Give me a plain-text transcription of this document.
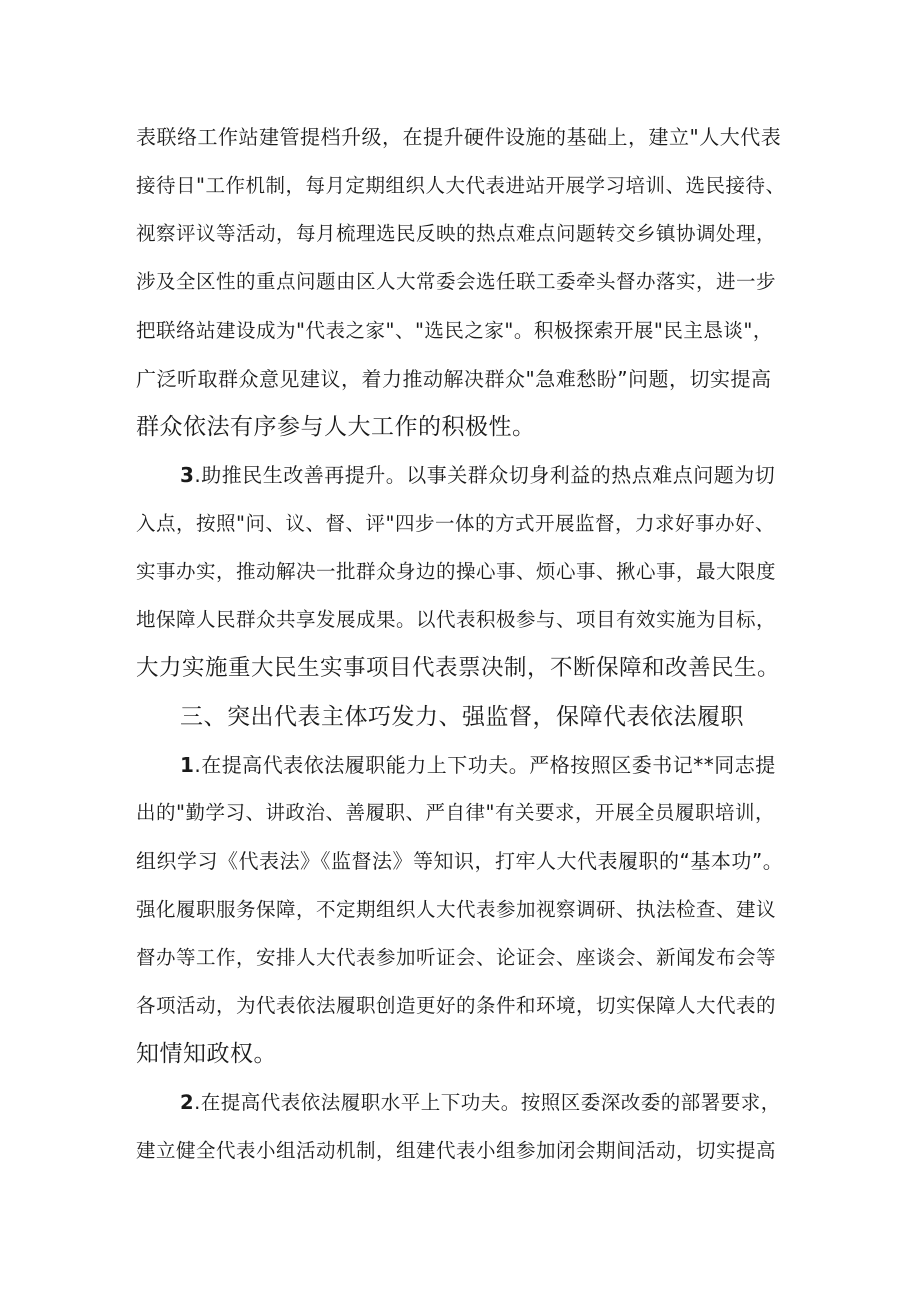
表联络工作站建管提档升级，在提升硬件设施的基础上，建立"人大代表
接待日"工作机制，每月定期组织人大代表进站开展学习培训、选民接待、
视察评议等活动，每月梳理选民反映的热点难点问题转交乡镇协调处理，
涉及全区性的重点问题由区人大常委会选任联工委牵头督办落实，进一步
把联络站建设成为"代表之家"、"选民之家"。积极探索开展"民主恳谈"，
广泛听取群众意见建议，着力推动解决群众"急难愁盼”问题，切实提高
群众依法有序参与人大工作的积极性。
3.助推民生改善再提升。以事关群众切身利益的热点难点问题为切
入点，按照"问、议、督、评"四步一体的方式开展监督，力求好事办好、
实事办实，推动解决一批群众身边的操心事、烦心事、揪心事，最大限度
地保障人民群众共享发展成果。以代表积极参与、项目有效实施为目标，
大力实施重大民生实事项目代表票决制，不断保障和改善民生。
三、突出代表主体巧发力、强监督，保障代表依法履职
1.在提高代表依法履职能力上下功夫。严格按照区委书记**同志提
出的"勤学习、讲政治、善履职、严自律"有关要求，开展全员履职培训，
组织学习《代表法》《监督法》等知识，打牢人大代表履职的“基本功”。
强化履职服务保障，不定期组织人大代表参加视察调研、执法检查、建议
督办等工作，安排人大代表参加听证会、论证会、座谈会、新闻发布会等
各项活动，为代表依法履职创造更好的条件和环境，切实保障人大代表的
知情知政权。
2.在提高代表依法履职水平上下功夫。按照区委深改委的部署要求，
建立健全代表小组活动机制，组建代表小组参加闭会期间活动，切实提高
